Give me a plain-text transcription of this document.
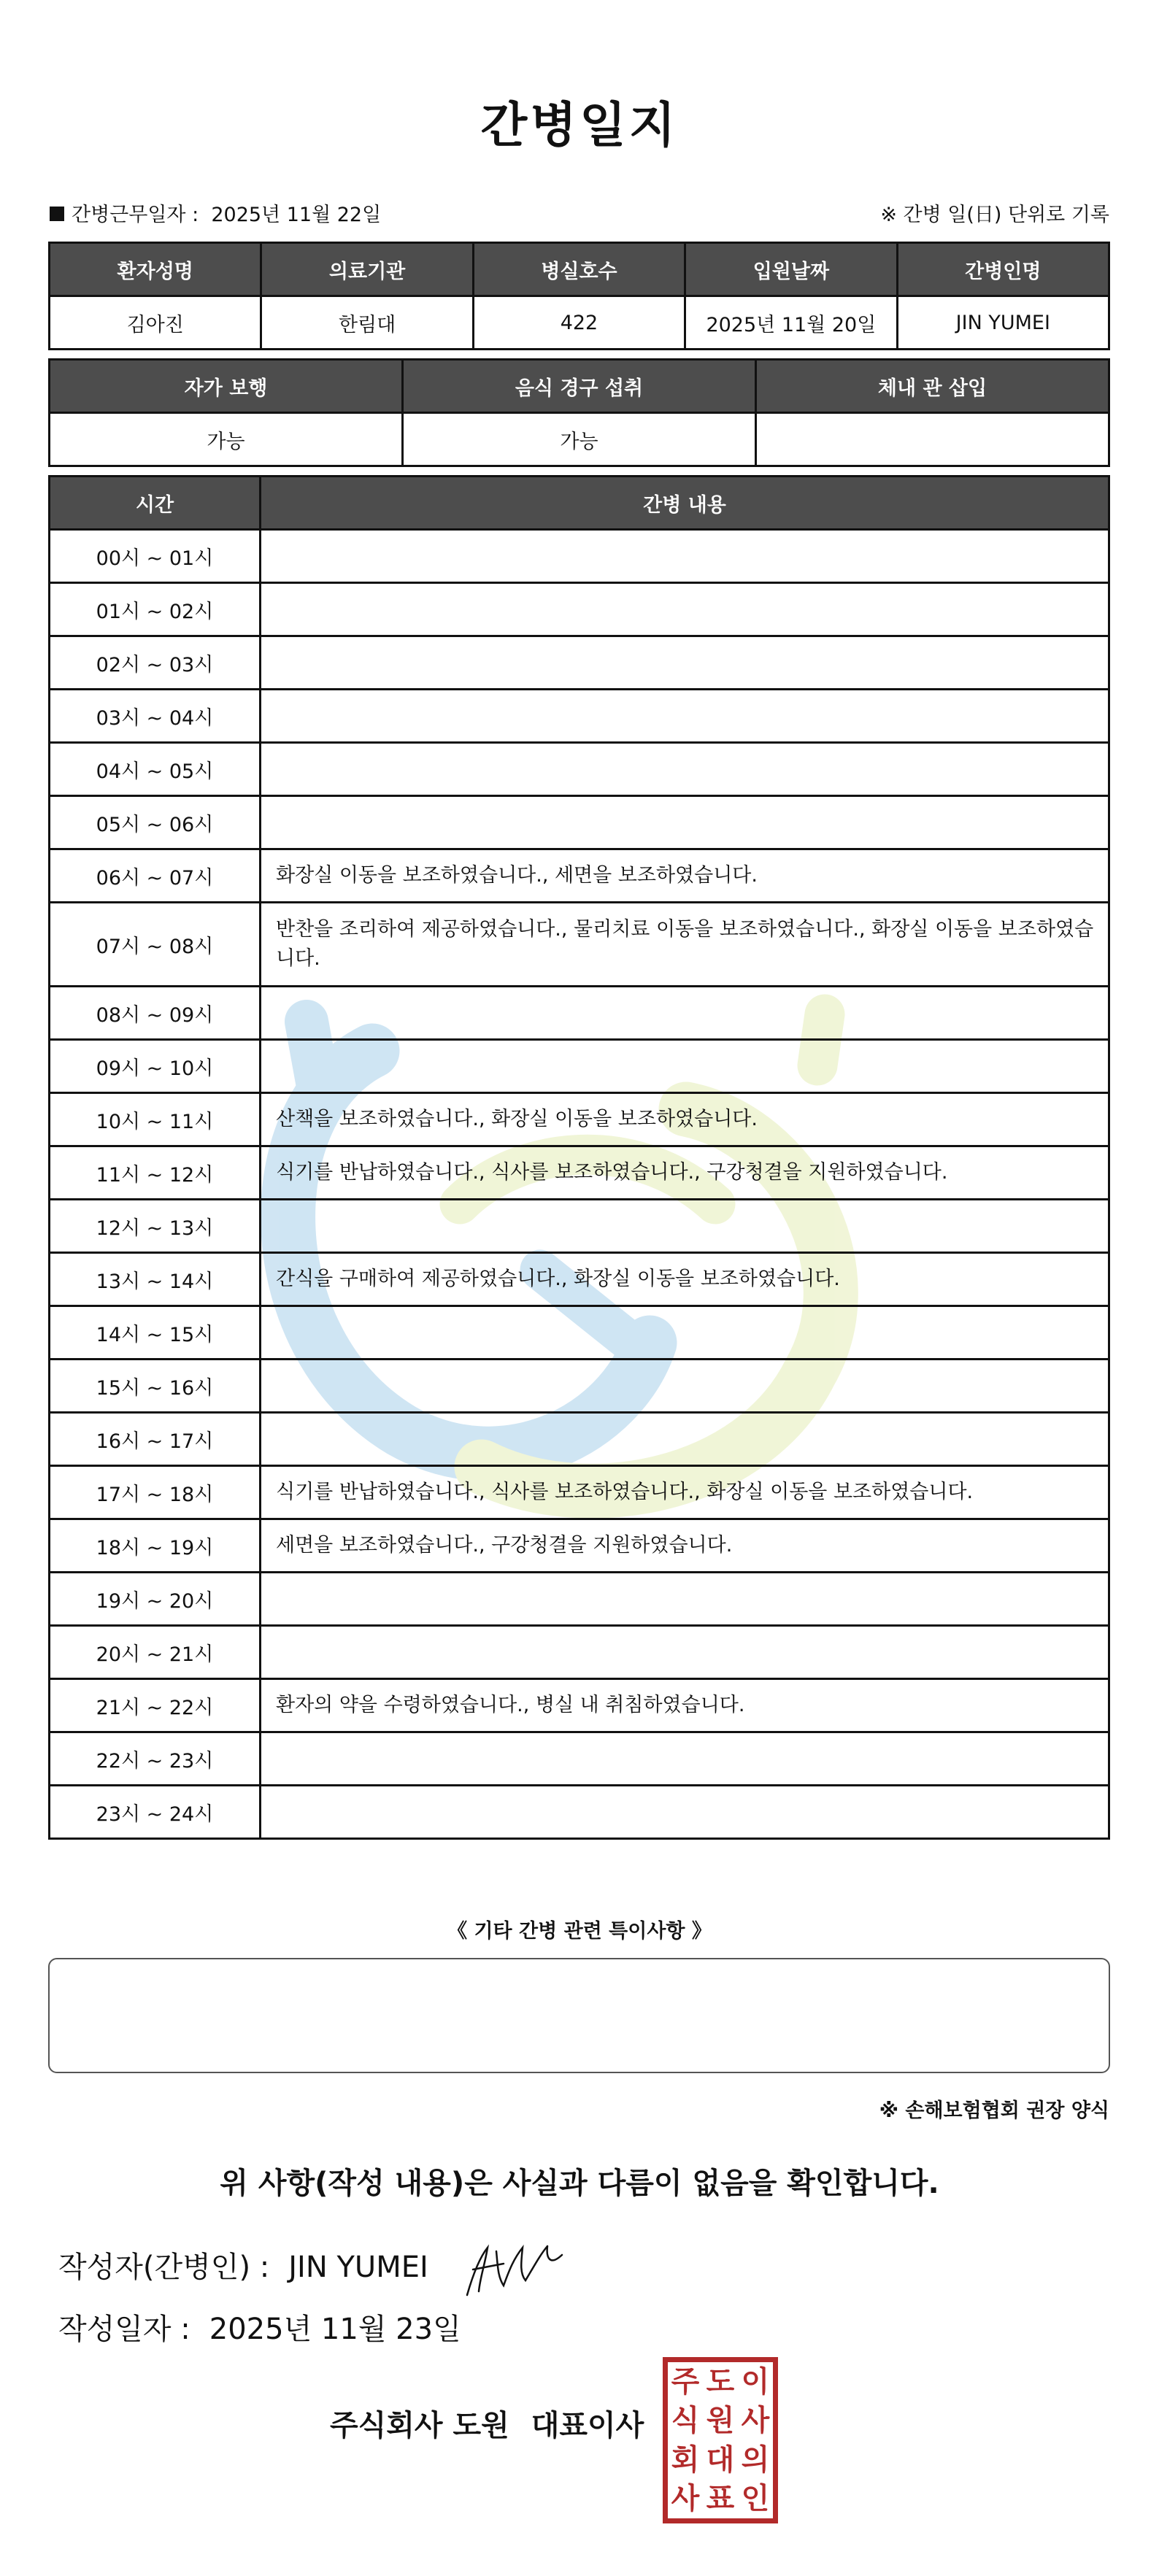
간병일지
간병근무일자 : 2025년 11월 22일	※ 간병 일(日) 단위로 기록
환자성명	의료기관	병실호수	입원날짜	간병인명
김아진	한림대	422	2025년 11월 20일	JIN YUMEI
자가 보행	음식 경구 섭취	체내 관 삽입
가능	가능	
시간	간병 내용
00시 ~ 01시	
01시 ~ 02시	
02시 ~ 03시	
03시 ~ 04시	
04시 ~ 05시	
05시 ~ 06시	
06시 ~ 07시	화장실 이동을 보조하였습니다., 세면을 보조하였습니다.
07시 ~ 08시	반찬을 조리하여 제공하였습니다., 물리치료 이동을 보조하였습니다., 화장실 이동을 보조하였습니다.
08시 ~ 09시	
09시 ~ 10시	
10시 ~ 11시	산책을 보조하였습니다., 화장실 이동을 보조하였습니다.
11시 ~ 12시	식기를 반납하였습니다., 식사를 보조하였습니다., 구강청결을 지원하였습니다.
12시 ~ 13시	
13시 ~ 14시	간식을 구매하여 제공하였습니다., 화장실 이동을 보조하였습니다.
14시 ~ 15시	
15시 ~ 16시	
16시 ~ 17시	
17시 ~ 18시	식기를 반납하였습니다., 식사를 보조하였습니다., 화장실 이동을 보조하였습니다.
18시 ~ 19시	세면을 보조하였습니다., 구강청결을 지원하였습니다.
19시 ~ 20시	
20시 ~ 21시	
21시 ~ 22시	환자의 약을 수령하였습니다., 병실 내 취침하였습니다.
22시 ~ 23시	
23시 ~ 24시	
《 기타 간병 관련 특이사항 》
※ 손해보험협회 권장 양식
위 사항(작성 내용)은 사실과 다름이 없음을 확인합니다.
작성자(간병인) : JIN YUMEI
작성일자 : 2025년 11월 23일
주식회사 도원 대표이사
주 도 이
식 원 사
회 대 의
사 표 인
